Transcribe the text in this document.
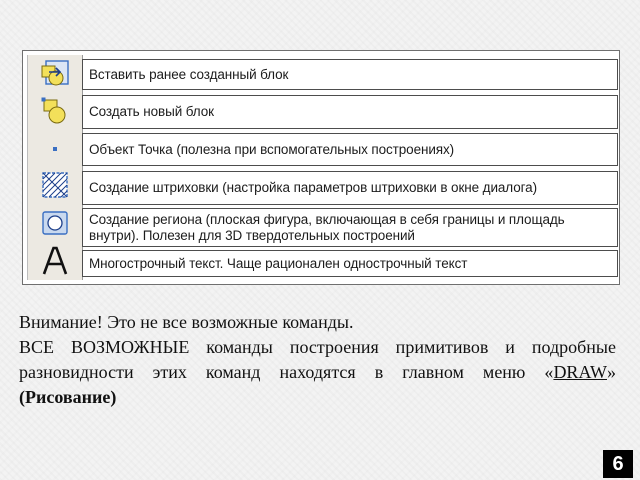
Вставить ранее созданный блок
Создать новый блок
Объект Точка (полезна при вспомогательных построениях)
Создание штриховки (настройка параметров штриховки в окне диалога)
Создание региона (плоская фигура, включающая в себя границы и площадь внутри). Полезен для 3D твердотельных построений
Многострочный текст. Чаще рационален однострочный текст

Внимание! Это не все возможные команды.

ВСЕ ВОЗМОЖНЫЕ команды построения примитивов и подробные разновидности этих команд находятся в главном меню «DRAW» (Рисование)

6
